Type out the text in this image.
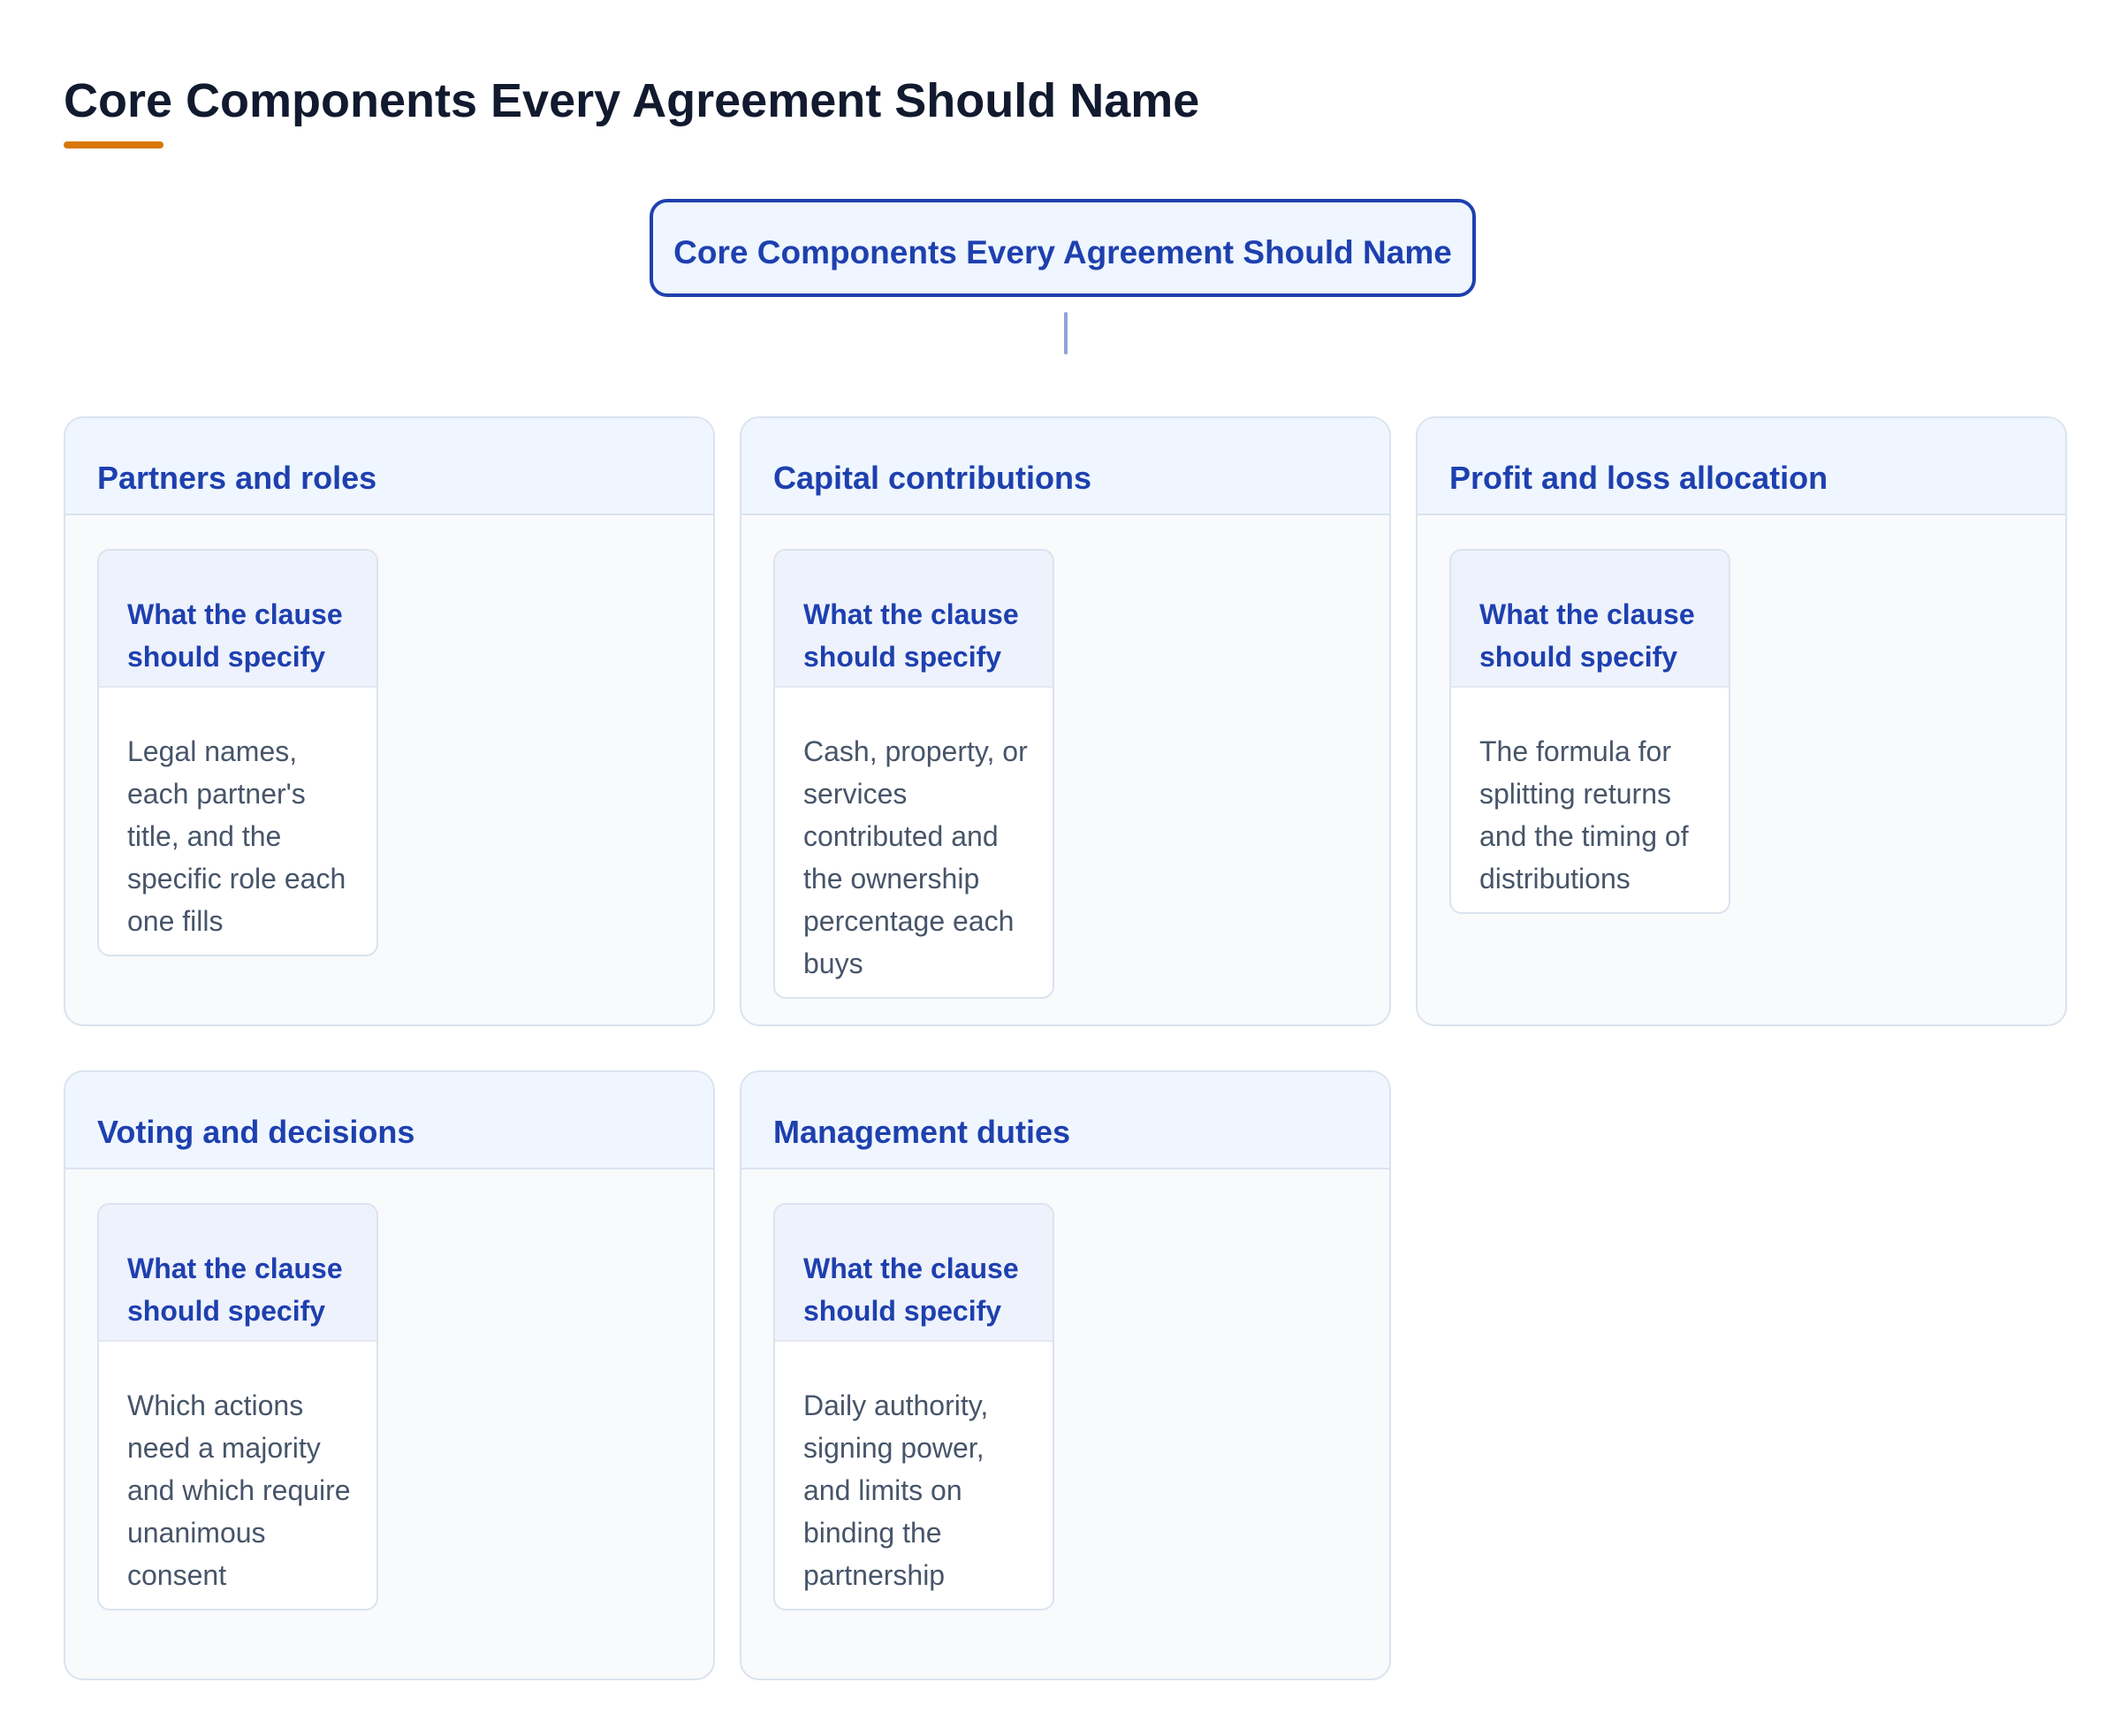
Core Components Every Agreement Should Name
Core Components Every Agreement Should Name
Partners and roles
What the clause should specify
Legal names, each partner's title, and the specific role each one fills
Capital contributions
What the clause should specify
Cash, property, or services contributed and the ownership percentage each buys
Profit and loss allocation
What the clause should specify
The formula for splitting returns and the timing of distributions
Voting and decisions
What the clause should specify
Which actions need a majority and which require unanimous consent
Management duties
What the clause should specify
Daily authority, signing power, and limits on binding the partnership
